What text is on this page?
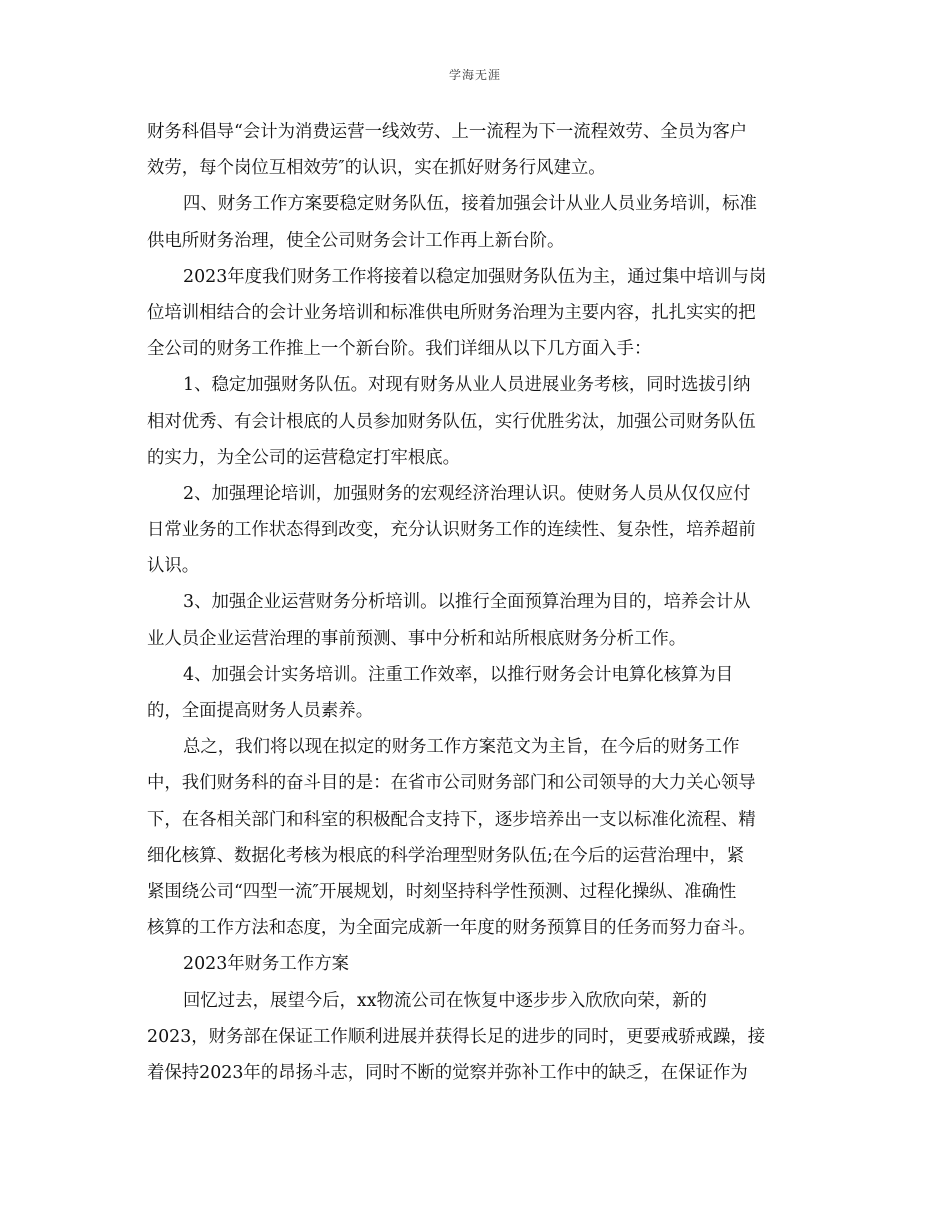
学海无涯
财务科倡导“会计为消费运营一线效劳、上一流程为下一流程效劳、全员为客户
效劳，每个岗位互相效劳″的认识，实在抓好财务行风建立。
四、财务工作方案要稳定财务队伍，接着加强会计从业人员业务培训，标准
供电所财务治理，使全公司财务会计工作再上新台阶。
2023年度我们财务工作将接着以稳定加强财务队伍为主，通过集中培训与岗
位培训相结合的会计业务培训和标准供电所财务治理为主要内容，扎扎实实的把
全公司的财务工作推上一个新台阶。我们详细从以下几方面入手：
1、稳定加强财务队伍。对现有财务从业人员进展业务考核，同时选拔引纳
相对优秀、有会计根底的人员参加财务队伍，实行优胜劣汰，加强公司财务队伍
的实力，为全公司的运营稳定打牢根底。
2、加强理论培训，加强财务的宏观经济治理认识。使财务人员从仅仅应付
日常业务的工作状态得到改变，充分认识财务工作的连续性、复杂性，培养超前
认识。
3、加强企业运营财务分析培训。以推行全面预算治理为目的，培养会计从
业人员企业运营治理的事前预测、事中分析和站所根底财务分析工作。
4、加强会计实务培训。注重工作效率，以推行财务会计电算化核算为目
的，全面提高财务人员素养。
总之，我们将以现在拟定的财务工作方案范文为主旨，在今后的财务工作
中，我们财务科的奋斗目的是：在省市公司财务部门和公司领导的大力关心领导
下，在各相关部门和科室的积极配合支持下，逐步培养出一支以标准化流程、精
细化核算、数据化考核为根底的科学治理型财务队伍;在今后的运营治理中，紧
紧围绕公司“四型一流″开展规划，时刻坚持科学性预测、过程化操纵、准确性
核算的工作方法和态度，为全面完成新一年度的财务预算目的任务而努力奋斗。
2023年财务工作方案
回忆过去，展望今后，xx物流公司在恢复中逐步步入欣欣向荣，新的
2023，财务部在保证工作顺利进展并获得长足的进步的同时，更要戒骄戒躁，接
着保持2023年的昂扬斗志，同时不断的觉察并弥补工作中的缺乏，在保证作为
